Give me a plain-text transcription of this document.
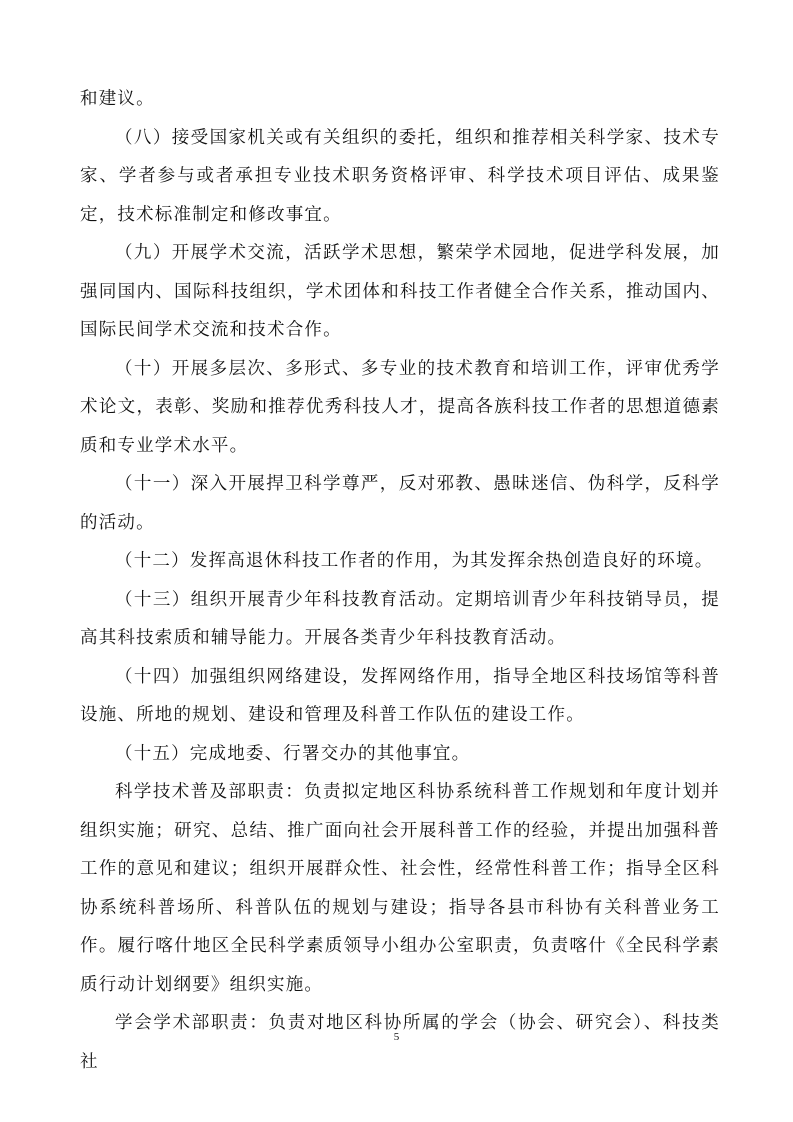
和建议。

（八）接受国家机关或有关组织的委托，组织和推荐相关科学家、技术专家、学者参与或者承担专业技术职务资格评审、科学技术项目评估、成果鉴定，技术标准制定和修改事宜。

（九）开展学术交流，活跃学术思想，繁荣学术园地，促进学科发展，加强同国内、国际科技组织，学术团体和科技工作者健全合作关系，推动国内、国际民间学术交流和技术合作。

（十）开展多层次、多形式、多专业的技术教育和培训工作，评审优秀学术论文，表彰、奖励和推荐优秀科技人才，提高各族科技工作者的思想道德素质和专业学术水平。

（十一）深入开展捍卫科学尊严，反对邪教、愚昧迷信、伪科学，反科学的活动。

（十二）发挥高退休科技工作者的作用，为其发挥余热创造良好的环境。

（十三）组织开展青少年科技教育活动。定期培训青少年科技销导员，提高其科技索质和辅导能力。开展各类青少年科技教育活动。

（十四）加强组织网络建设，发挥网络作用，指导全地区科技场馆等科普设施、所地的规划、建设和管理及科普工作队伍的建设工作。

（十五）完成地委、行署交办的其他事宜。

科学技术普及部职责：负责拟定地区科协系统科普工作规划和年度计划并组织实施；研究、总结、推广面向社会开展科普工作的经验，并提出加强科普工作的意见和建议；组织开展群众性、社会性，经常性科普工作；指导全区科协系统科普场所、科普队伍的规划与建设；指导各县市科协有关科普业务工作。履行喀什地区全民科学素质领导小组办公室职责，负责喀什《全民科学素质行动计划纲要》组织实施。

学会学术部职责：负责对地区科协所属的学会（协会、研究会）、科技类社

5
